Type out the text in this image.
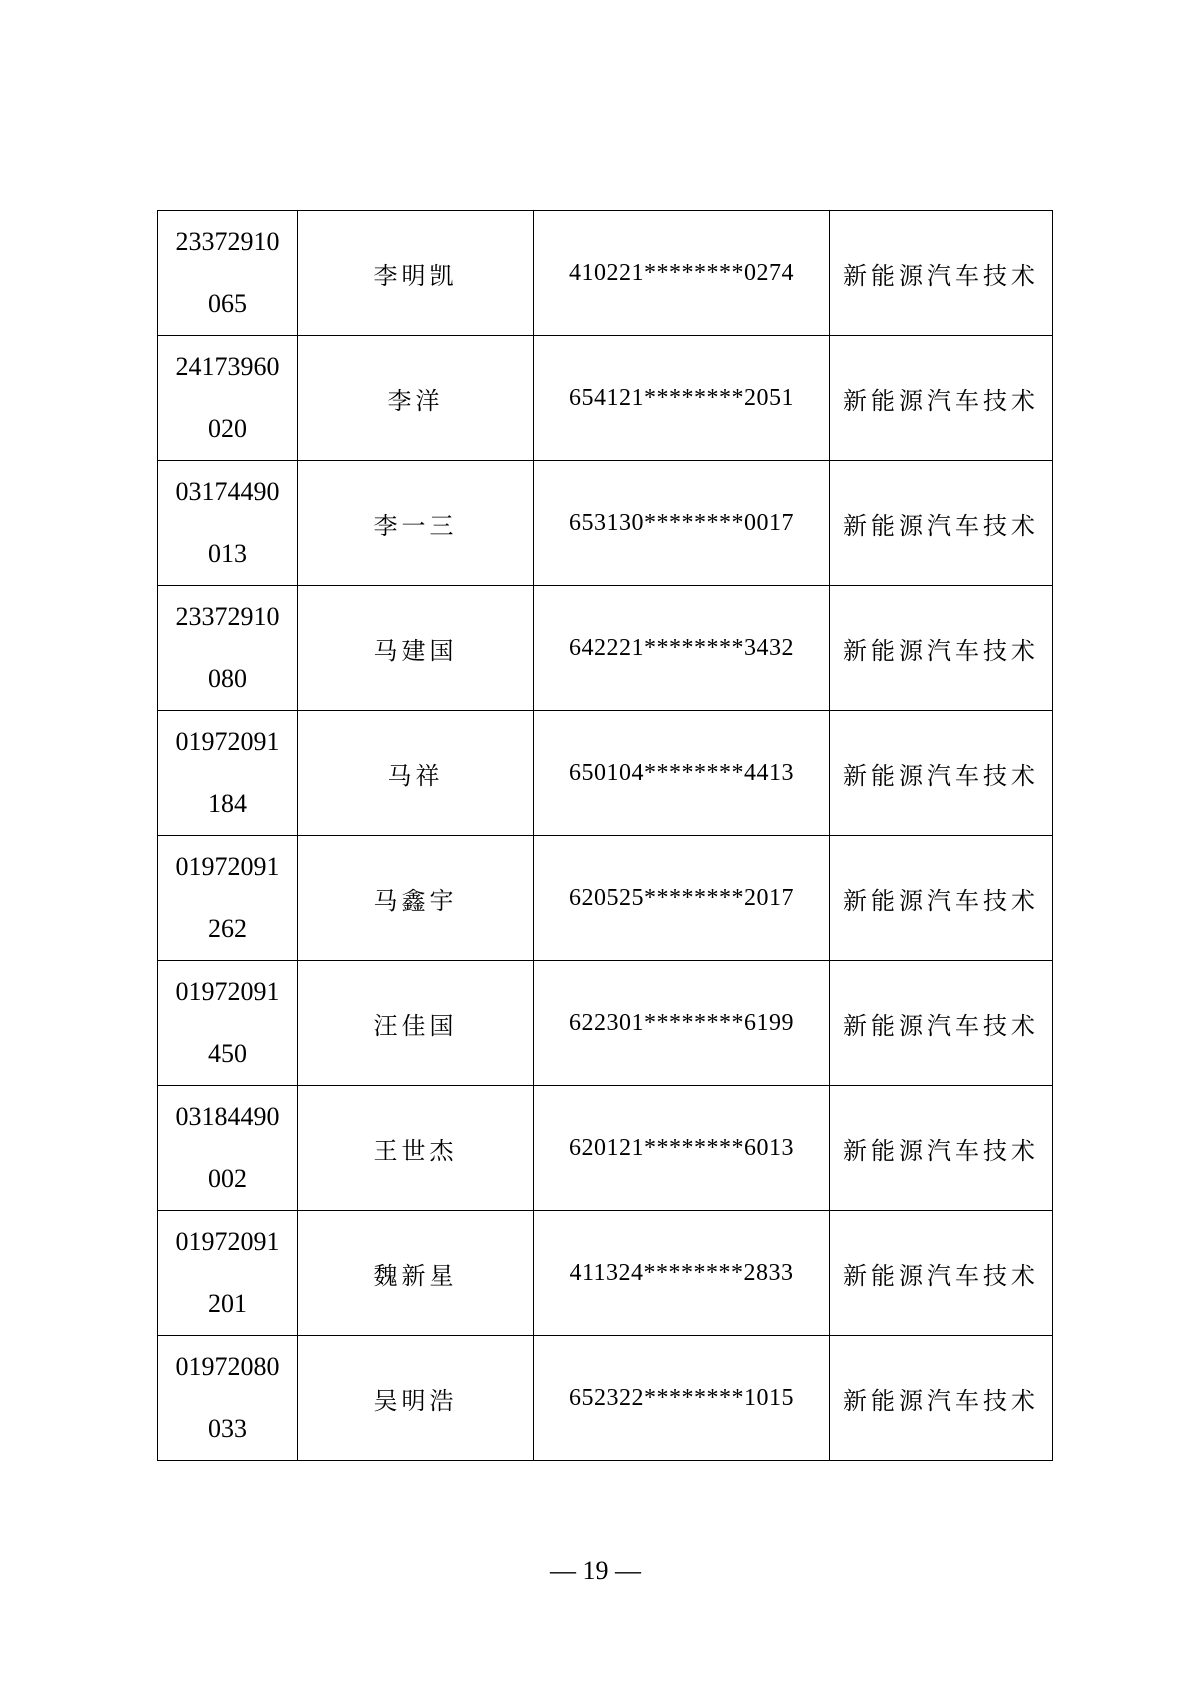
23372910
065	李明凯	410221********0274	新能源汽车技术

24173960
020	李洋	654121********2051	新能源汽车技术

03174490
013	李一三	653130********0017	新能源汽车技术

23372910
080	马建国	642221********3432	新能源汽车技术

01972091
184	马祥	650104********4413	新能源汽车技术

01972091
262	马鑫宇	620525********2017	新能源汽车技术

01972091
450	汪佳国	622301********6199	新能源汽车技术

03184490
002	王世杰	620121********6013	新能源汽车技术

01972091
201	魏新星	411324********2833	新能源汽车技术

01972080
033	吴明浩	652322********1015	新能源汽车技术
— 19 —
